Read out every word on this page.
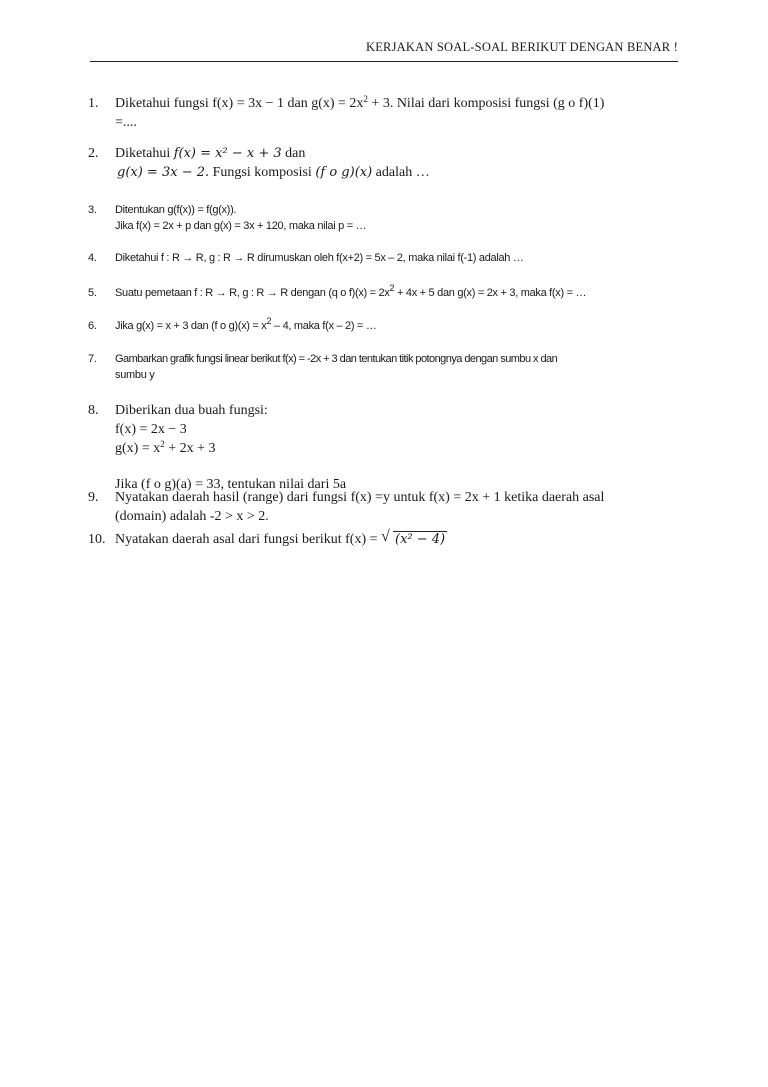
KERJAKAN SOAL-SOAL BERIKUT DENGAN BENAR !
1. Diketahui fungsi f(x) = 3x − 1 dan $g(x) = 2x^2 + 3$. Nilai dari komposisi fungsi (g o f)(1)
=....
2. Diketahui f(x) = x² − x + 3 dan
g(x) = 3x − 2. Fungsi komposisi (f o g)(x) adalah …
3. Ditentukan g(f(x)) = f(g(x)).
Jika f(x) = 2x + p dan g(x) = 3x + 120, maka nilai p = …
4. Diketahui f : R → R, g : R → R dirumuskan oleh f(x+2) = 5x – 2, maka nilai f(-1) adalah …
5. Suatu pemetaan f : R → R, g : R → R dengan (q o $f)(x) = 2x^2 + 4x + 5$ dan g(x) = 2x + 3, maka f(x) = …
6. Jika g(x) = x + 3 dan (f o $g)(x) = x^2 - 4$, maka f(x – 2) = …
7. Gambarkan grafik fungsi linear berikut f(x) = -2x + 3 dan tentukan titik potongnya dengan sumbu x dan
sumbu y
8. Diberikan dua buah fungsi:
f(x) = 2x − 3
$g(x) = x^2 + 2x + 3$
Jika (f o g)(a) = 33, tentukan nilai dari 5a
9. Nyatakan daerah hasil (range) dari fungsi f(x) =y untuk f(x) = 2x + 1 ketika daerah asal
(domain) adalah -2 > x > 2.
10. Nyatakan daerah asal dari fungsi berikut f(x) = √ (x² − 4)
